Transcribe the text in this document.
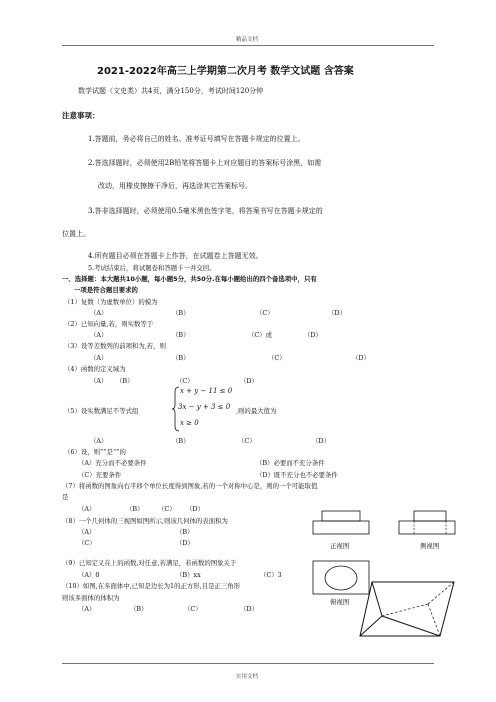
精品文档
2021-2022年高三上学期第二次月考 数学文试题 含答案
数学试题（文史类）共4页，满分150分，考试时间120分钟
注意事项：
1.答题前，务必将自己的姓名、准考证号填写在答题卡规定的位置上。
2.答选择题时，必须使用2B铅笔将答题卡上对应题目的答案标号涂黑，如需
改动，用橡皮擦擦干净后，再选涂其它答案标号。
3.答非选择题时，必须使用0.5毫米黑色签字笔，将答案书写在答题卡规定的
位置上。
4.所有题目必须在答题卡上作答，在试题卷上答题无效。
5.考试结束后，将试题卷和答题卡一并交回。
一、选择题：本大题共10小题，每小题5分，共50分.在每小题给出的四个备选项中，只有
一项是符合题目要求的
（1）复数（为虚数单位）的模为
（A）	（B）	（C）	（D）
（2）已知向量,若，则实数等于
（A）	（B）	（C）或	（D）
（3）设等差数列的前项和为,若，则
（A）	（B）	（C）	（D）
（4）函数的定义域为
（A） （B）	（C）	（D）
（5）设实数满足不等式组
x + y − 11 ≤ 0
3x − y + 3 ≤ 0
x ≥ 0
,则的最大值为
（A）	（B）	（C）	（D）
（6）设，则“”是“”的
（A）充分而不必要条件	（B）必要而不充分条件
（C）充要条件	（D）既不充分也不必要条件
（7）将函数的图象向右平移个单位长度得到图象,若的一个对称中心是，则的一个可能取值
是
（A）	（B） （C） （D）
（8）一个几何体的三视图如图所示,则该几何体的表面积为
（A）	（B）
（C）	（D）	正视图	侧视图
（9）已知定义在上的函数,对任意,若满足，若函数的图象关于
（A）0	（B）xx	（C）3
（10）如图,在多面体中,已知是边长为1的正方形,且是正三角形
则该多面体的体积为	俯视图
（A）	（B）	（C）	（D）
实用文档
